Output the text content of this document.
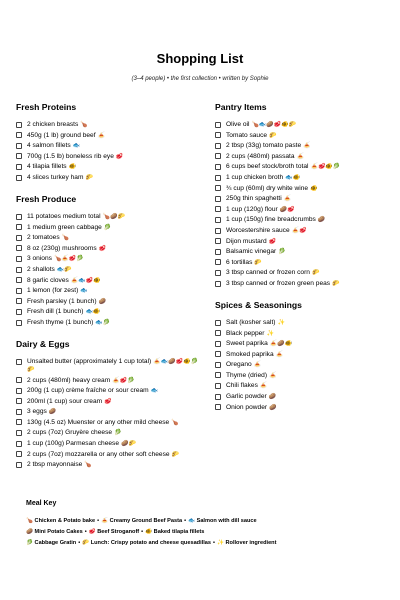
Shopping List
(3–4 people) • the first collection • written by Sophie
Fresh Proteins
2 chicken breasts 🍗
450g (1 lb) ground beef 🍝
4 salmon fillets 🐟
700g (1.5 lb) boneless rib eye 🥩
4 tilapia fillets 🐠
4 slices turkey ham 🌮
Fresh Produce
11 potatoes medium total 🍗🥔🌮
1 medium green cabbage 🥬
2 tomatoes 🍗
8 oz (230g) mushrooms 🥩
3 onions 🍗🍝🥩🥬
2 shallots 🐟🌮
8 garlic cloves 🍝🐟🥩🐠
1 lemon (for zest) 🐟
Fresh parsley (1 bunch) 🥔
Fresh dill (1 bunch) 🐟🐠
Fresh thyme (1 bunch) 🐟🥬
Dairy & Eggs
Unsalted butter (approximately 1 cup total) 🍝🐟🥔🥩🐠🥬🌮
2 cups (480ml) heavy cream 🍝🥩🥬
200g (1 cup) crème fraîche or sour cream 🐟
200ml (1 cup) sour cream 🥩
3 eggs 🥔
130g (4.5 oz) Muenster or any other mild cheese 🍗
2 cups (7oz) Gruyère cheese 🥬
1 cup (100g) Parmesan cheese 🥔🌮
2 cups (7oz) mozzarella or any other soft cheese 🌮
2 tbsp mayonnaise 🍗
Pantry Items
Olive oil 🍗🐟🥔🥩🐠🌮
Tomato sauce 🌮
2 tbsp (33g) tomato paste 🍝
2 cups (480ml) passata 🍝
6 cups beef stock/broth total 🍝🥩🐠🥬
1 cup chicken broth 🐟🐠
¾ cup (60ml) dry white wine 🐠
250g thin spaghetti 🍝
1 cup (120g) flour 🥔🥩
1 cup (150g) fine breadcrumbs 🥔
Worcestershire sauce 🍝🥩
Dijon mustard 🥩
Balsamic vinegar 🥬
6 tortillas 🌮
3 tbsp canned or frozen corn 🌮
3 tbsp canned or frozen green peas 🌮
Spices & Seasonings
Salt (kosher salt) ✨
Black pepper ✨
Sweet paprika 🍝🥔🐠
Smoked paprika 🍝
Oregano 🍝
Thyme (dried) 🍝
Chili flakes 🍝
Garlic powder 🥔
Onion powder 🥔
Meal Key
🍗 Chicken & Potato bake • 🍝 Creamy Ground Beef Pasta • 🐟 Salmon with dill sauce
🥔 Mini Potato Cakes • 🥩 Beef Stroganoff • 🐠 Baked tilapia fillets
🥬 Cabbage Gratin • 🌮 Lunch: Crispy potato and cheese quesadillas • ✨ Rollover ingredient
